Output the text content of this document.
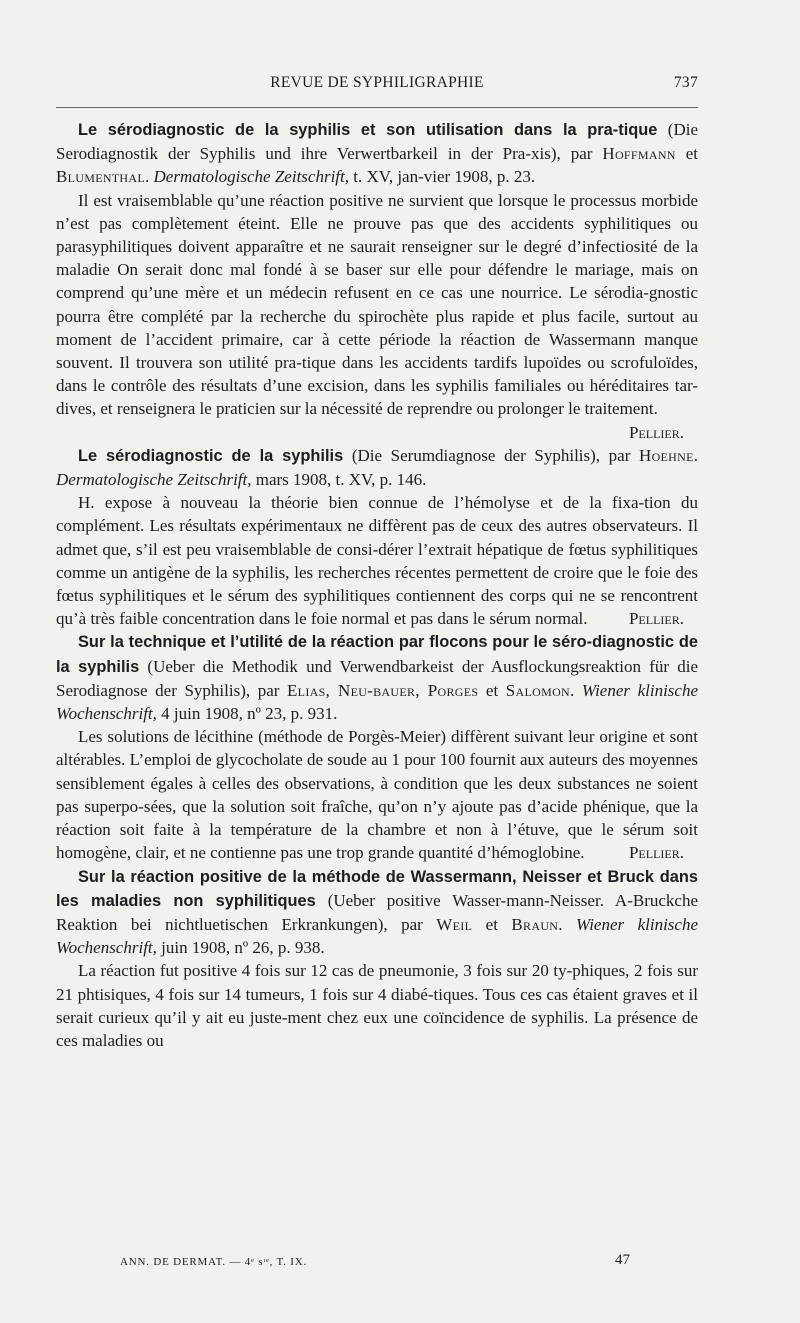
REVUE DE SYPHILIGRAPHIE	737

Le sérodiagnostic de la syphilis et son utilisation dans la pra-tique (Die Serodiagnostik der Syphilis und ihre Verwertbarkeil in der Pra-xis), par Hoffmann et Blumenthal. Dermatologische Zeitschrift, t. XV, jan-vier 1908, p. 23.

Il est vraisemblable qu’une réaction positive ne survient que lorsque le processus morbide n’est pas complètement éteint. Elle ne prouve pas que des accidents syphilitiques ou parasyphilitiques doivent apparaître et ne saurait renseigner sur le degré d’infectiosité de la maladie On serait donc mal fondé à se baser sur elle pour défendre le mariage, mais on comprend qu’une mère et un médecin refusent en ce cas une nourrice. Le sérodia-gnostic pourra être complété par la recherche du spirochète plus rapide et plus facile, surtout au moment de l’accident primaire, car à cette période la réaction de Wassermann manque souvent. Il trouvera son utilité pra-tique dans les accidents tardifs lupoïdes ou scrofuloïdes, dans le contrôle des résultats d’une excision, dans les syphilis familiales ou héréditaires tar-dives, et renseignera le praticien sur la nécessité de reprendre ou prolonger le traitement.
Pellier.

Le sérodiagnostic de la syphilis (Die Serumdiagnose der Syphilis), par Hoehne. Dermatologische Zeitschrift, mars 1908, t. XV, p. 146.

H. expose à nouveau la théorie bien connue de l’hémolyse et de la fixa-tion du complément. Les résultats expérimentaux ne diffèrent pas de ceux des autres observateurs. Il admet que, s’il est peu vraisemblable de consi-dérer l’extrait hépatique de fœtus syphilitiques comme un antigène de la syphilis, les recherches récentes permettent de croire que le foie des fœtus syphilitiques et le sérum des syphilitiques contiennent des corps qui ne se rencontrent qu’à très faible concentration dans le foie normal et pas dans le sérum normal.	Pellier.

Sur la technique et l’utilité de la réaction par flocons pour le séro-diagnostic de la syphilis (Ueber die Methodik und Verwendbarkeist der Ausflockungsreaktion für die Serodiagnose der Syphilis), par Elias, Neu-bauer, Porges et Salomon. Wiener klinische Wochenschrift, 4 juin 1908, nº 23, p. 931.

Les solutions de lécithine (méthode de Porgès-Meier) diffèrent suivant leur origine et sont altérables. L’emploi de glycocholate de soude au 1 pour 100 fournit aux auteurs des moyennes sensiblement égales à celles des observations, à condition que les deux substances ne soient pas superpo-sées, que la solution soit fraîche, qu’on n’y ajoute pas d’acide phénique, que la réaction soit faite à la température de la chambre et non à l’étuve, que le sérum soit homogène, clair, et ne contienne pas une trop grande quantité d’hémoglobine.	Pellier.

Sur la réaction positive de la méthode de Wassermann, Neisser et Bruck dans les maladies non syphilitiques (Ueber positive Wasser-mann-Neisser. A-Bruckche Reaktion bei nichtluetischen Erkrankungen), par Weil et Braun. Wiener klinische Wochenschrift, juin 1908, nº 26, p. 938.

La réaction fut positive 4 fois sur 12 cas de pneumonie, 3 fois sur 20 ty-phiques, 2 fois sur 21 phtisiques, 4 fois sur 14 tumeurs, 1 fois sur 4 diabé-tiques. Tous ces cas étaient graves et il serait curieux qu’il y ait eu juste-ment chez eux une coïncidence de syphilis. La présence de ces maladies ou

ANN. DE DERMAT. — 4ᵉ sᶦᵉ, T. IX.	47
